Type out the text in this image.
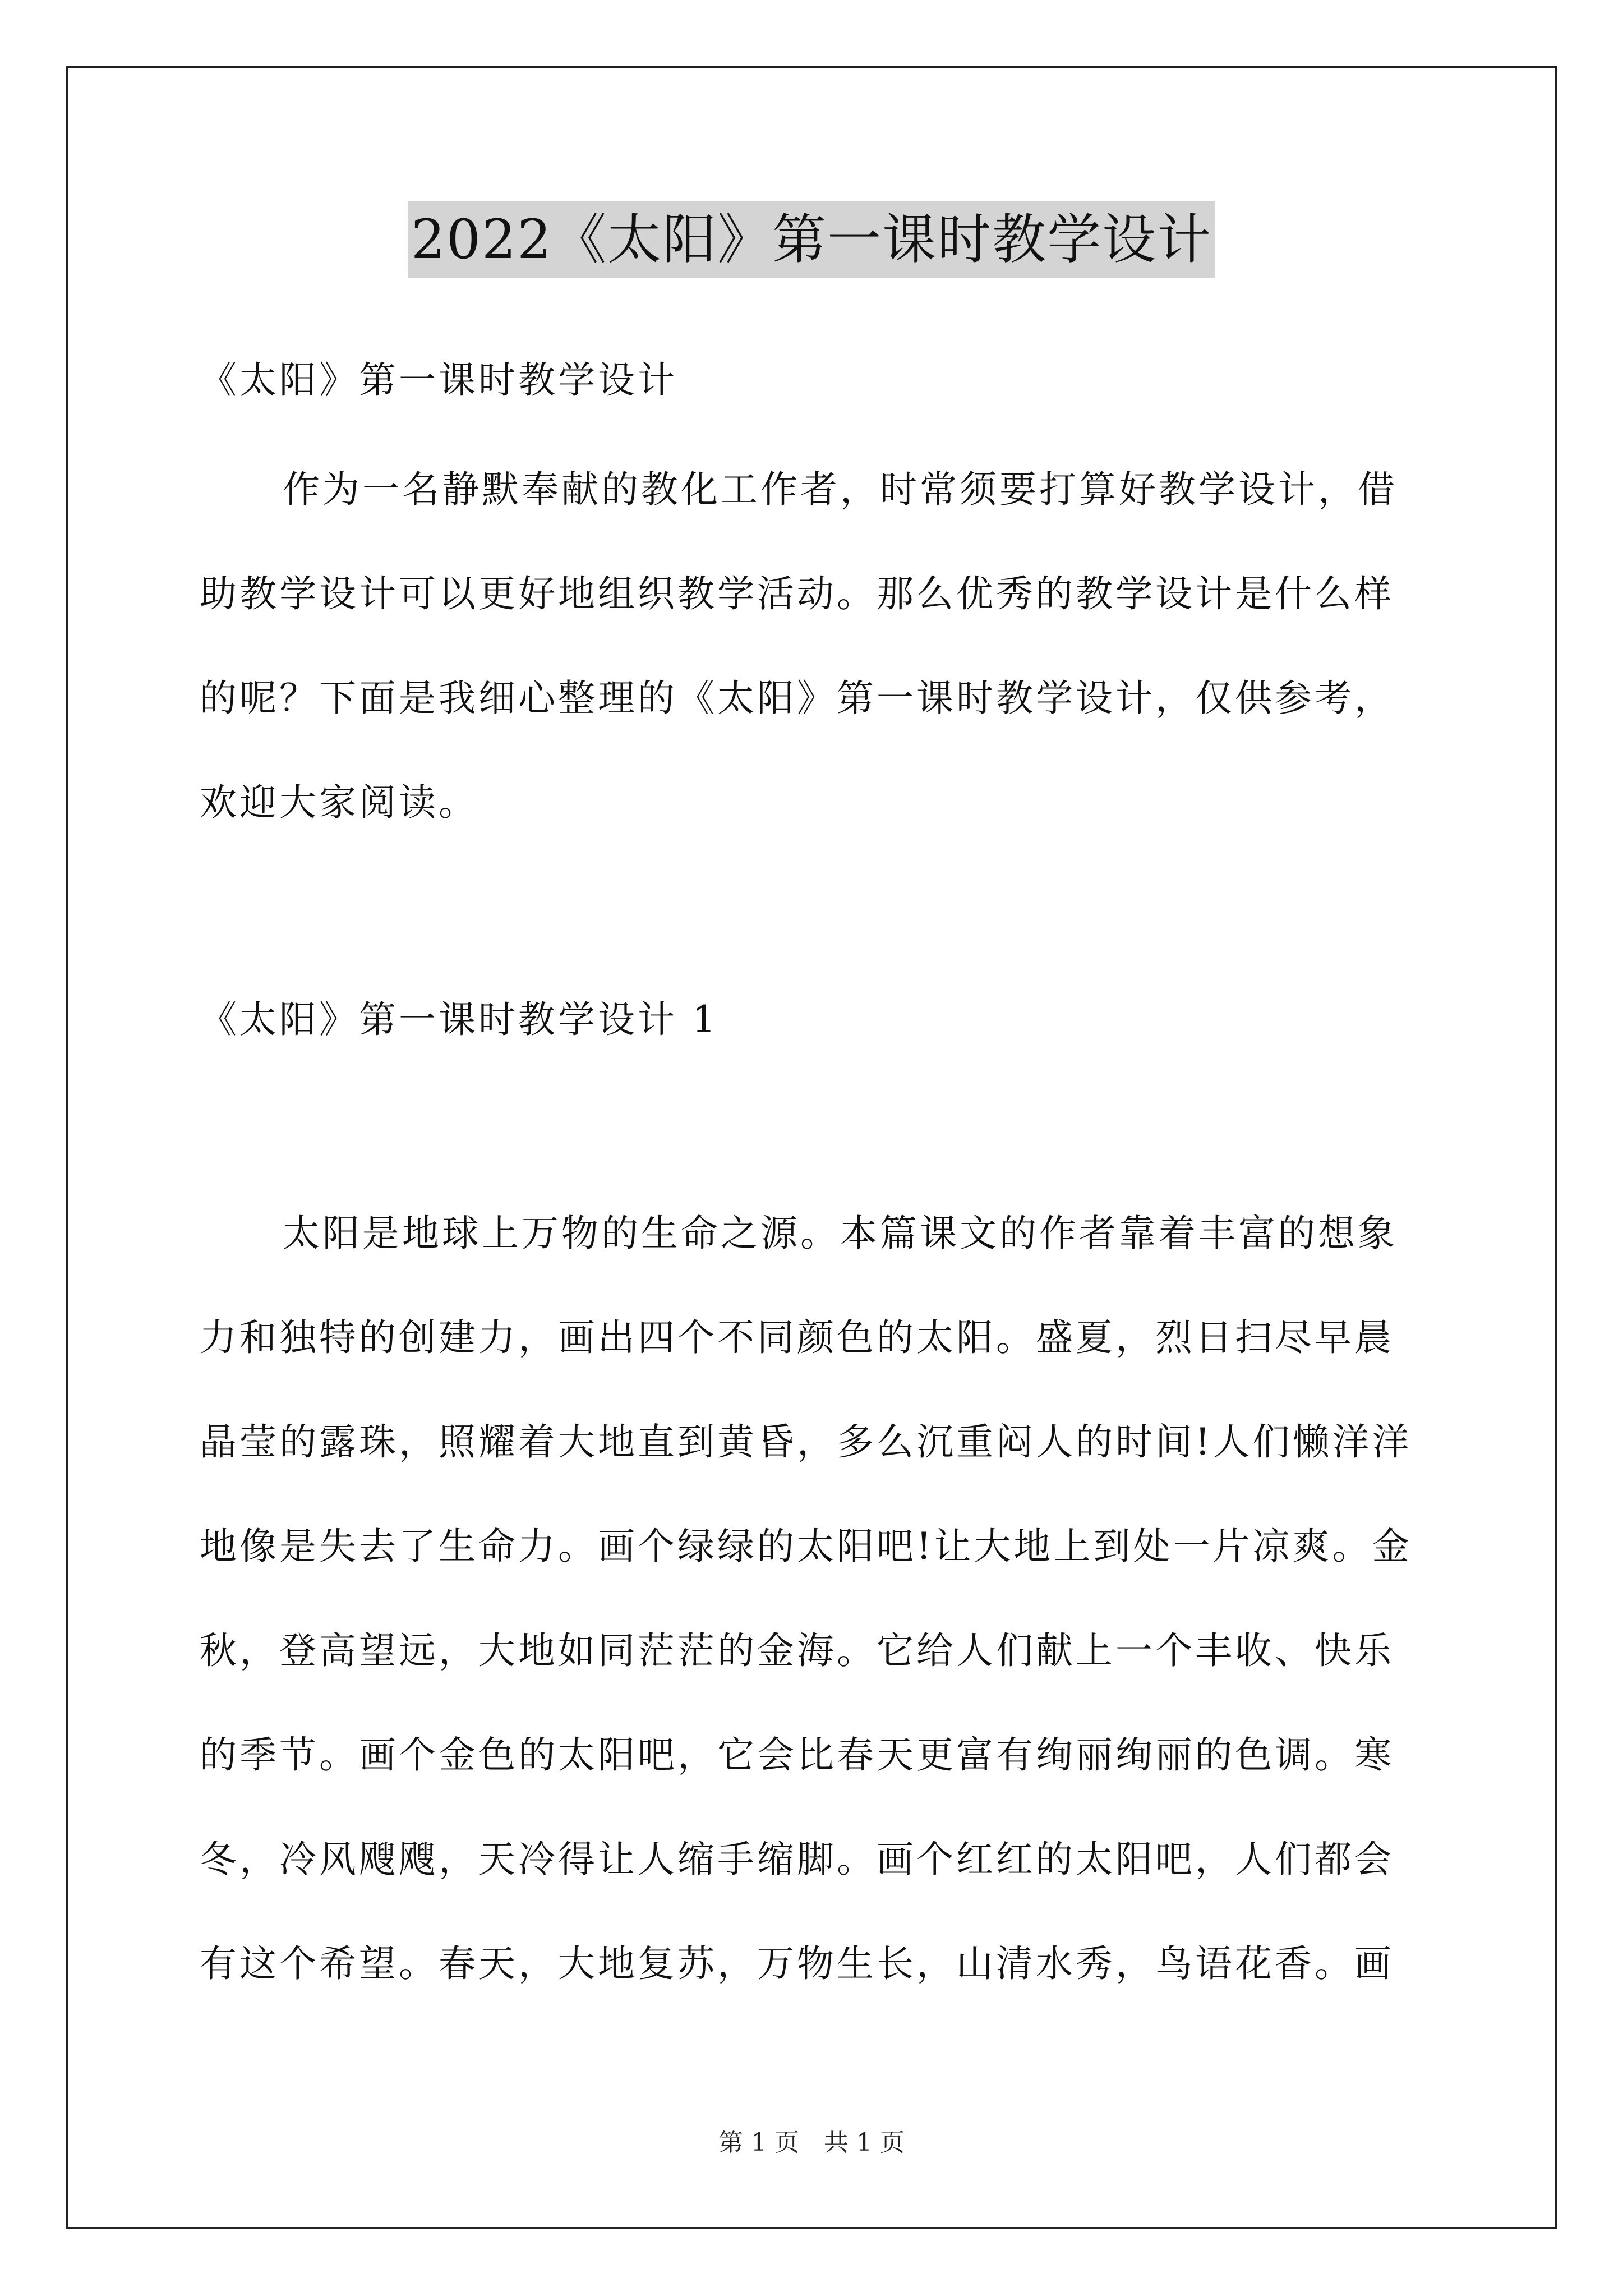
2022《太阳》第一课时教学设计
《太阳》第一课时教学设计
作为一名静默奉献的教化工作者，时常须要打算好教学设计，借
助教学设计可以更好地组织教学活动。那么优秀的教学设计是什么样
的呢？下面是我细心整理的《太阳》第一课时教学设计，仅供参考，
欢迎大家阅读。
《太阳》第一课时教学设计 1
太阳是地球上万物的生命之源。本篇课文的作者靠着丰富的想象
力和独特的创建力，画出四个不同颜色的太阳。盛夏，烈日扫尽早晨
晶莹的露珠，照耀着大地直到黄昏，多么沉重闷人的时间!人们懒洋洋
地像是失去了生命力。画个绿绿的太阳吧!让大地上到处一片凉爽。金
秋，登高望远，大地如同茫茫的金海。它给人们献上一个丰收、快乐
的季节。画个金色的太阳吧，它会比春天更富有绚丽绚丽的色调。寒
冬，冷风飕飕，天冷得让人缩手缩脚。画个红红的太阳吧，人们都会
有这个希望。春天，大地复苏，万物生长，山清水秀，鸟语花香。画
第 1 页　共 1 页
